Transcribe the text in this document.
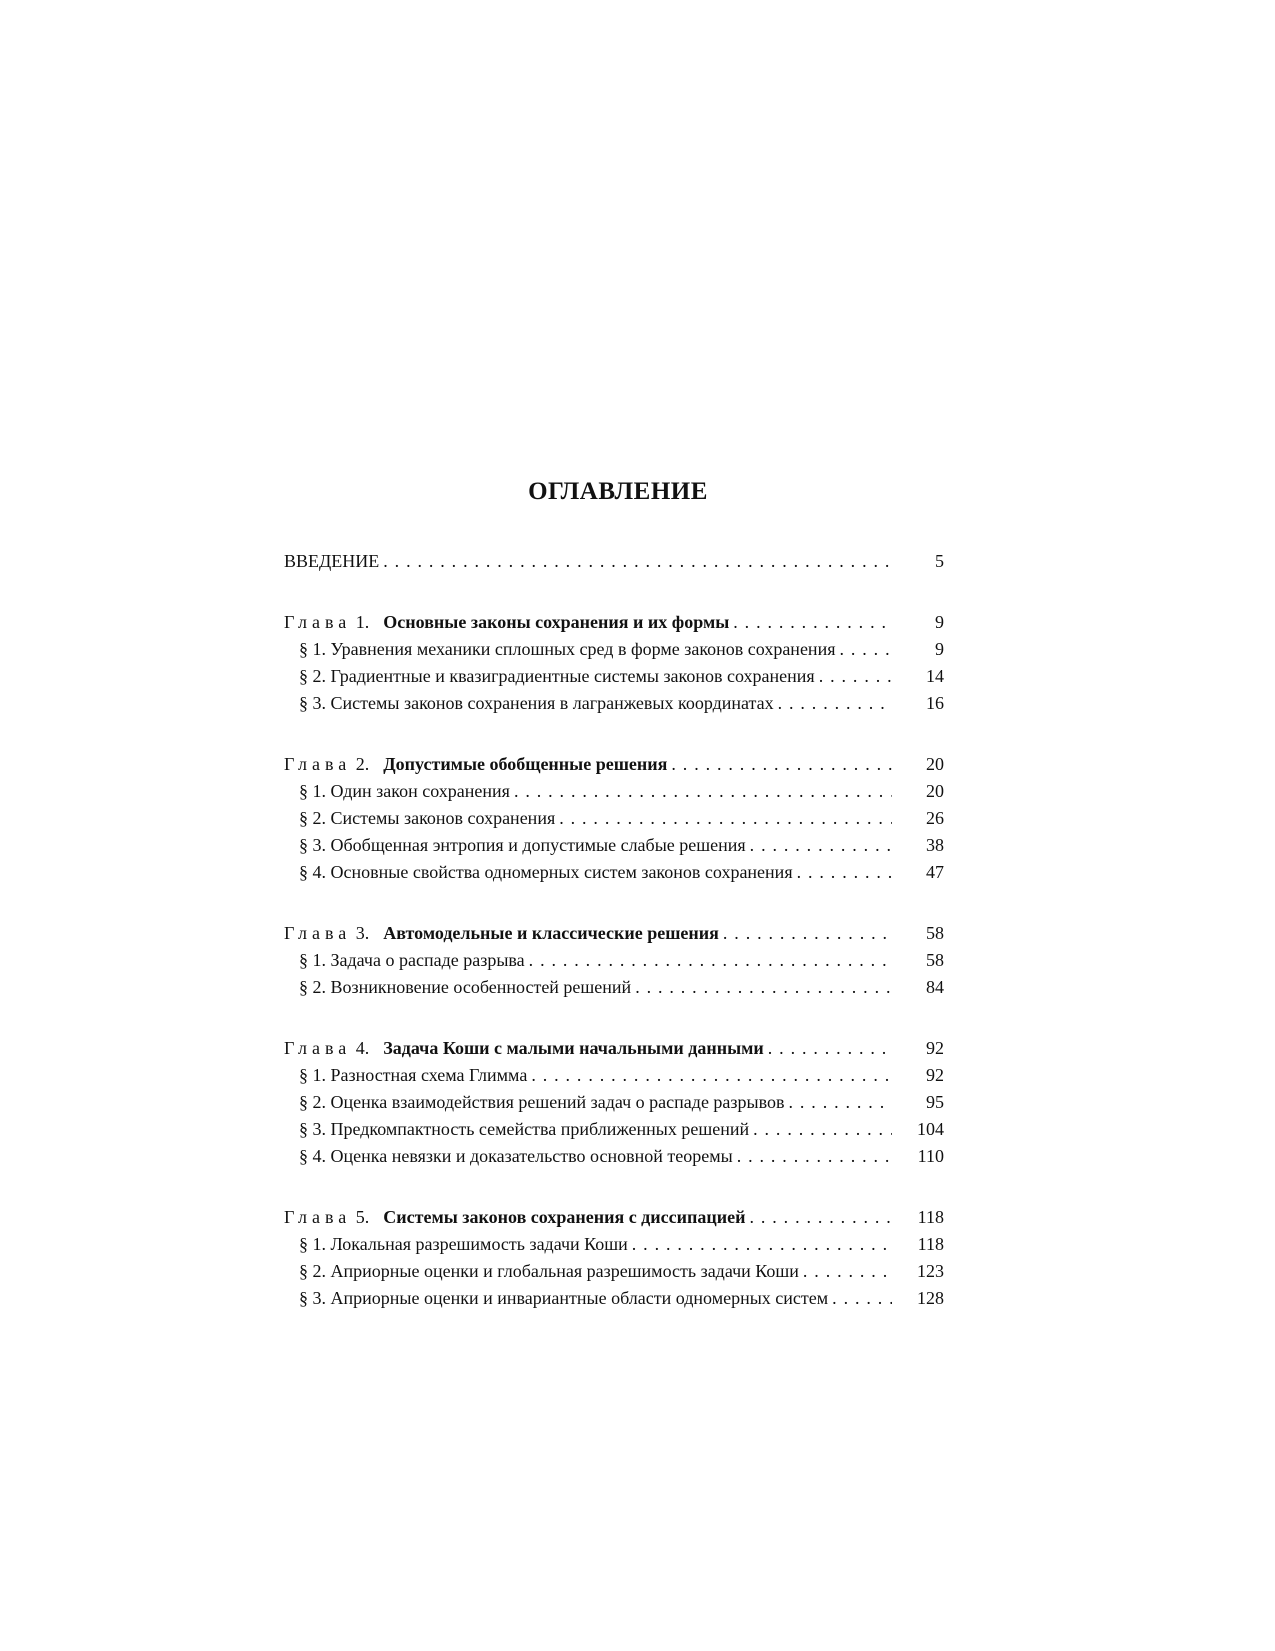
ОГЛАВЛЕНИЕ
ВВЕДЕНИЕ . . .	5
Глава 1. Основные законы сохранения и их формы . . .	9
§ 1. Уравнения механики сплошных сред в форме законов сохранения . . .	9
§ 2. Градиентные и квазиградиентные системы законов сохранения . . .	14
§ 3. Системы законов сохранения в лагранжевых координатах . . .	16
Глава 2. Допустимые обобщенные решения . . .	20
§ 1. Один закон сохранения . . .	20
§ 2. Системы законов сохранения . . .	26
§ 3. Обобщенная энтропия и допустимые слабые решения . . .	38
§ 4. Основные свойства одномерных систем законов сохранения . . .	47
Глава 3. Автомодельные и классические решения . . .	58
§ 1. Задача о распаде разрыва . . .	58
§ 2. Возникновение особенностей решений . . .	84
Глава 4. Задача Коши с малыми начальными данными . . .	92
§ 1. Разностная схема Глимма . . .	92
§ 2. Оценка взаимодействия решений задач о распаде разрывов . . .	95
§ 3. Предкомпактность семейства приближенных решений . . .	104
§ 4. Оценка невязки и доказательство основной теоремы . . .	110
Глава 5. Системы законов сохранения с диссипацией . . .	118
§ 1. Локальная разрешимость задачи Коши . . .	118
§ 2. Априорные оценки и глобальная разрешимость задачи Коши . . .	123
§ 3. Априорные оценки и инвариантные области одномерных систем . . .	128
